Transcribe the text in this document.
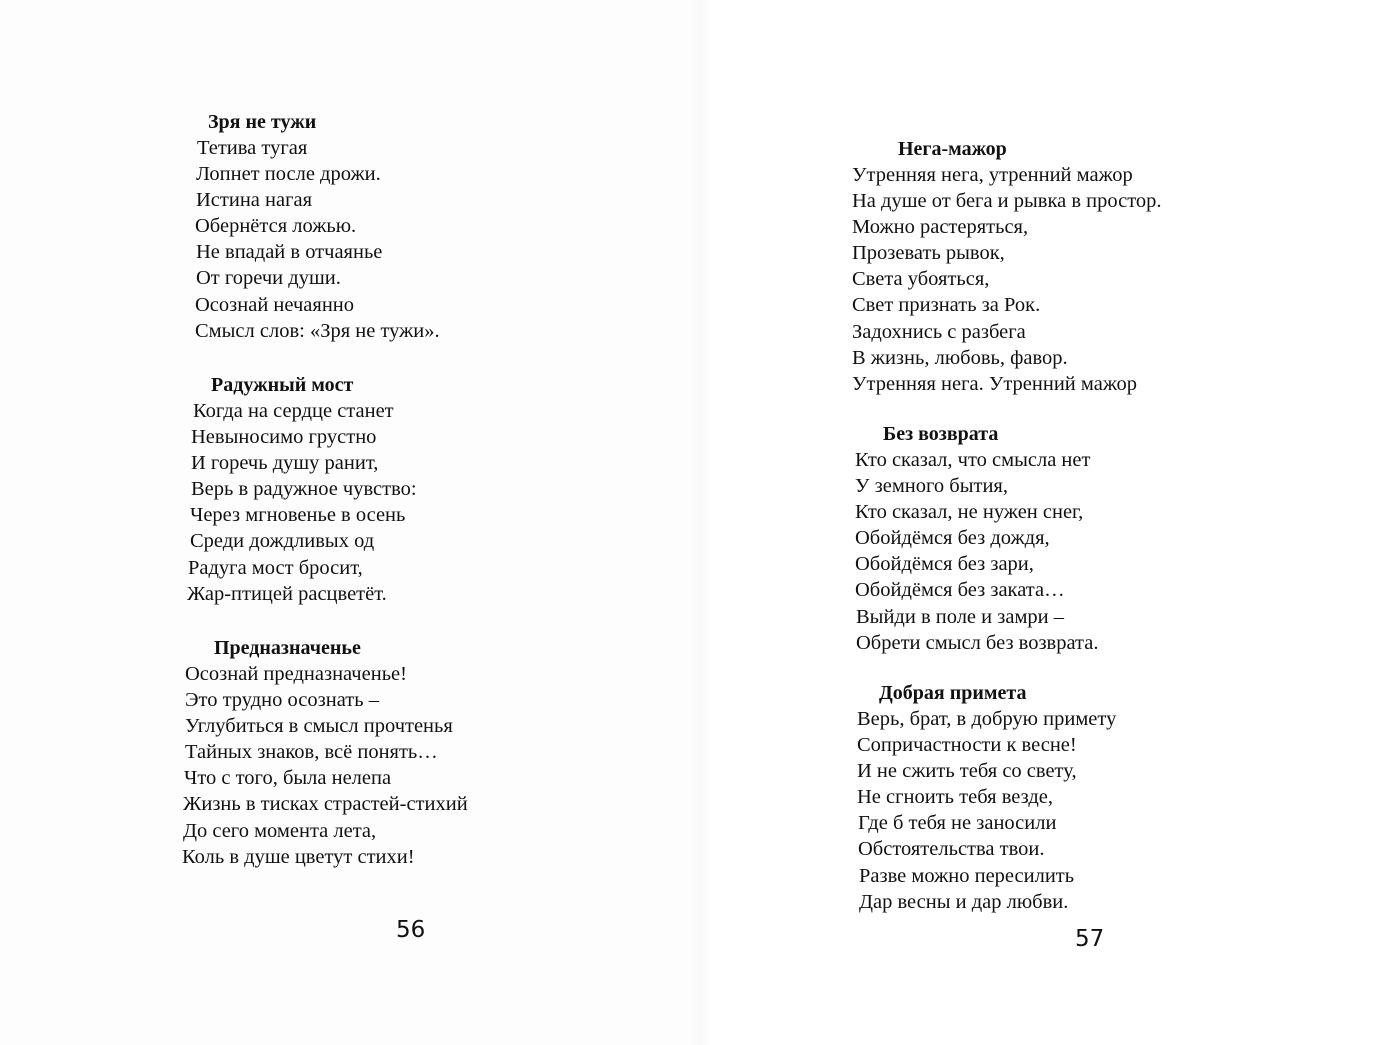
Зря не тужи
Тетива тугая
Лопнет после дрожи.
Истина нагая
Обернётся ложью.
Не впадай в отчаянье
От горечи души.
Осознай нечаянно
Смысл слов: «Зря не тужи».
Радужный мост
Когда на сердце станет
Невыносимо грустно
И горечь душу ранит,
Верь в радужное чувство:
Через мгновенье в осень
Среди дождливых од
Радуга мост бросит,
Жар-птицей расцветёт.
Предназначенье
Осознай предназначенье!
Это трудно осознать –
Углубиться в смысл прочтенья
Тайных знаков, всё понять…
Что с того, была нелепа
Жизнь в тисках страстей-стихий
До сего момента лета,
Коль в душе цветут стихи!
56
Нега-мажор
Утренняя нега, утренний мажор
На душе от бега и рывка в простор.
Можно растеряться,
Прозевать рывок,
Света убояться,
Свет признать за Рок.
Задохнись с разбега
В жизнь, любовь, фавор.
Утренняя нега. Утренний мажор
Без возврата
Кто сказал, что смысла нет
У земного бытия,
Кто сказал, не нужен снег,
Обойдёмся без дождя,
Обойдёмся без зари,
Обойдёмся без заката…
Выйди в поле и замри –
Обрети смысл без возврата.
Добрая примета
Верь, брат, в добрую примету
Сопричастности к весне!
И не сжить тебя со свету,
Не сгноить тебя везде,
Где б тебя не заносили
Обстоятельства твои.
Разве можно пересилить
Дар весны и дар любви.
57
